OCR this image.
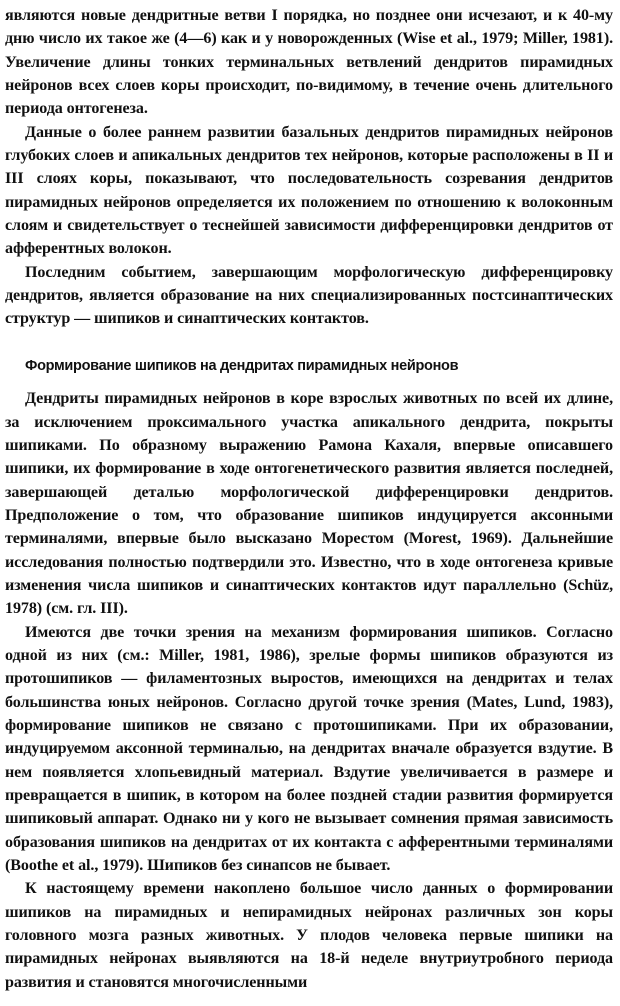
являются новые дендритные ветви I порядка, но позднее они исчезают, и к 40-му дню число их такое же (4—6) как и у новорожденных (Wise et al., 1979; Miller, 1981). Увеличение длины тонких терминальных ветвлений дендритов пирамидных нейронов всех слоев коры происходит, по-видимому, в течение очень длительного периода онтогенеза.

Данные о более раннем развитии базальных дендритов пирамидных нейронов глубоких слоев и апикальных дендритов тех нейронов, которые расположены в II и III слоях коры, показывают, что последовательность созревания дендритов пирамидных нейронов определяется их положением по отношению к волоконным слоям и свидетельствует о теснейшей зависимости дифференцировки дендритов от афферентных волокон.

Последним событием, завершающим морфологическую дифференцировку дендритов, является образование на них специализированных постсинаптических структур — шипиков и синаптических контактов.

Формирование шипиков на дендритах пирамидных нейронов

Дендриты пирамидных нейронов в коре взрослых животных по всей их длине, за исключением проксимального участка апикального дендрита, покрыты шипиками. По образному выражению Рамона Кахаля, впервые описавшего шипики, их формирование в ходе онтогенетического развития является последней, завершающей деталью морфологической дифференцировки дендритов. Предположение о том, что образование шипиков индуцируется аксонными терминалями, впервые было высказано Морестом (Morest, 1969). Дальнейшие исследования полностью подтвердили это. Известно, что в ходе онтогенеза кривые изменения числа шипиков и синаптических контактов идут параллельно (Schüz, 1978) (см. гл. III).

Имеются две точки зрения на механизм формирования шипиков. Согласно одной из них (см.: Miller, 1981, 1986), зрелые формы шипиков образуются из протошипиков — филаментозных выростов, имеющихся на дендритах и телах большинства юных нейронов. Согласно другой точке зрения (Mates, Lund, 1983), формирование шипиков не связано с протошипиками. При их образовании, индуцируемом аксонной терминалью, на дендритах вначале образуется вздутие. В нем появляется хлопьевидный материал. Вздутие увеличивается в размере и превращается в шипик, в котором на более поздней стадии развития формируется шипиковый аппарат. Однако ни у кого не вызывает сомнения прямая зависимость образования шипиков на дендритах от их контакта с афферентными терминалями (Boothe et al., 1979). Шипиков без синапсов не бывает.

К настоящему времени накоплено большое число данных о формировании шипиков на пирамидных и непирамидных нейронах различных зон коры головного мозга разных животных. У плодов человека первые шипики на пирамидных нейронах выявляются на 18-й неделе внутриутробного периода развития и становятся многочисленными
